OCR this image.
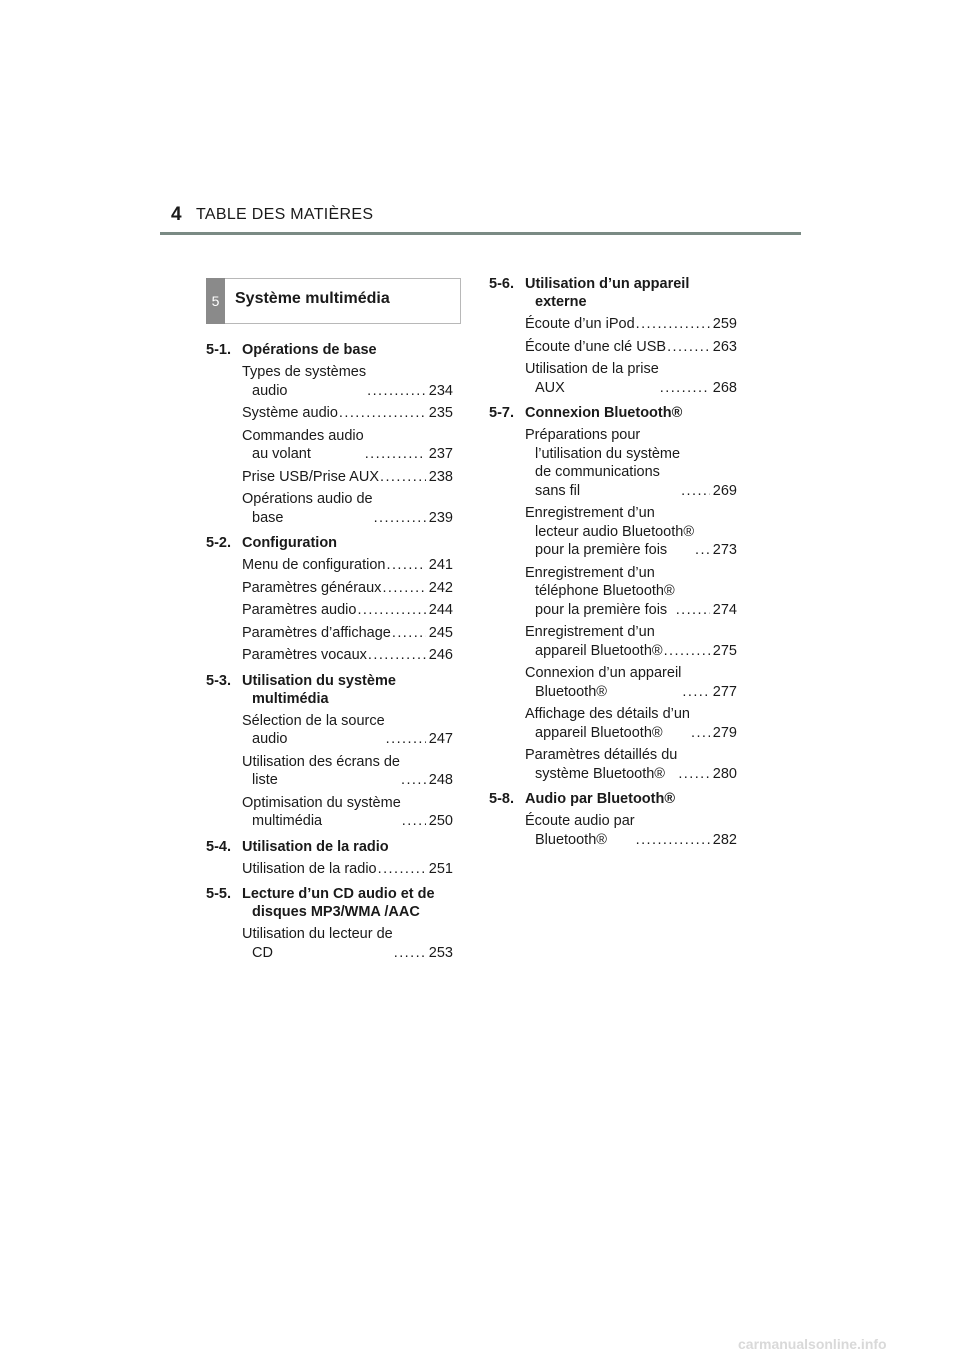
4 TABLE DES MATIÈRES
5 Système multimédia
5-1. Opérations de base
Types de systèmes
audio . . .	234
Système audio . . .	235
Commandes audio
au volant . . .	237
Prise USB/Prise AUX . . .	238
Opérations audio de
base . . .	239
5-2. Configuration
Menu de configuration . . .	241
Paramètres généraux . . .	242
Paramètres audio . . .	244
Paramètres d’affichage . . .	245
Paramètres vocaux . . .	246
5-3. Utilisation du système multimédia
Sélection de la source
audio . . .	247
Utilisation des écrans de
liste . . .	248
Optimisation du système
multimédia . . .	250
5-4. Utilisation de la radio
Utilisation de la radio . . .	251
5-5. Lecture d’un CD audio et de disques MP3/WMA /AAC
Utilisation du lecteur de
CD . . .	253
5-6. Utilisation d’un appareil externe
Écoute d’un iPod . . .	259
Écoute d’une clé USB . . .	263
Utilisation de la prise
AUX . . .	268
5-7. Connexion Bluetooth®
Préparations pour
l’utilisation du système
de communications
sans fil . . .	269
Enregistrement d’un
lecteur audio Bluetooth®
pour la première fois . . .	273
Enregistrement d’un
téléphone Bluetooth®
pour la première fois . . .	274
Enregistrement d’un
appareil Bluetooth® . . .	275
Connexion d’un appareil
Bluetooth® . . .	277
Affichage des détails d’un
appareil Bluetooth® . . .	279
Paramètres détaillés du
système Bluetooth® . . .	280
5-8. Audio par Bluetooth®
Écoute audio par
Bluetooth® . . .	282
carmanualsonline.info
